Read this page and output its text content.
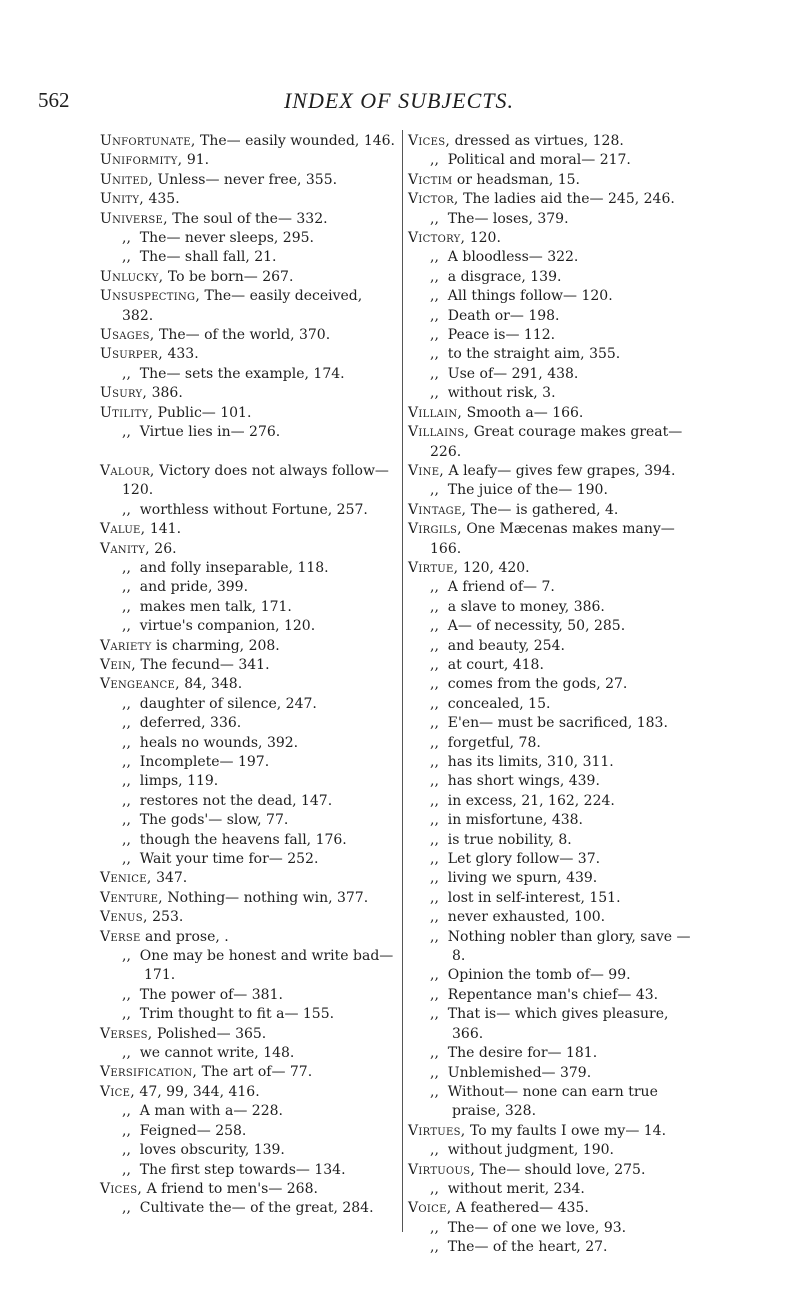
562	INDEX OF SUBJECTS.
Unfortunate, The— easily wounded, 146.
Uniformity, 91.
United, Unless— never free, 355.
Unity, 435.
Universe, The soul of the— 332.
,,  The— never sleeps, 295.
,,  The— shall fall, 21.
Unlucky, To be born— 267.
Unsuspecting, The— easily deceived, 382.
Usages, The— of the world, 370.
Usurper, 433.
,,  The— sets the example, 174.
Usury, 386.
Utility, Public— 101.
,,  Virtue lies in— 276.
Valour, Victory does not always follow— 120.
,,  worthless without Fortune, 257.
Value, 141.
Vanity, 26.
,,  and folly inseparable, 118.
,,  and pride, 399.
,,  makes men talk, 171.
,,  virtue's companion, 120.
Variety is charming, 208.
Vein, The fecund— 341.
Vengeance, 84, 348.
,,  daughter of silence, 247.
,,  deferred, 336.
,,  heals no wounds, 392.
,,  Incomplete— 197.
,,  limps, 119.
,,  restores not the dead, 147.
,,  The gods'— slow, 77.
,,  though the heavens fall, 176.
,,  Wait your time for— 252.
Venice, 347.
Venture, Nothing— nothing win, 377.
Venus, 253.
Verse and prose, .
,,  One may be honest and write bad— 171.
,,  The power of— 381.
,,  Trim thought to fit a— 155.
Verses, Polished— 365.
,,  we cannot write, 148.
Versification, The art of— 77.
Vice, 47, 99, 344, 416.
,,  A man with a— 228.
,,  Feigned— 258.
,,  loves obscurity, 139.
,,  The first step towards— 134.
Vices, A friend to men's— 268.
,,  Cultivate the— of the great, 284.
Vices, dressed as virtues, 128.
,,  Political and moral— 217.
Victim or headsman, 15.
Victor, The ladies aid the— 245, 246.
,,  The— loses, 379.
Victory, 120.
,,  A bloodless— 322.
,,  a disgrace, 139.
,,  All things follow— 120.
,,  Death or— 198.
,,  Peace is— 112.
,,  to the straight aim, 355.
,,  Use of— 291, 438.
,,  without risk, 3.
Villain, Smooth a— 166.
Villains, Great courage makes great— 226.
Vine, A leafy— gives few grapes, 394.
,,  The juice of the— 190.
Vintage, The— is gathered, 4.
Virgils, One Mæcenas makes many— 166.
Virtue, 120, 420.
,,  A friend of— 7.
,,  a slave to money, 386.
,,  A— of necessity, 50, 285.
,,  and beauty, 254.
,,  at court, 418.
,,  comes from the gods, 27.
,,  concealed, 15.
,,  E'en— must be sacrificed, 183.
,,  forgetful, 78.
,,  has its limits, 310, 311.
,,  has short wings, 439.
,,  in excess, 21, 162, 224.
,,  in misfortune, 438.
,,  is true nobility, 8.
,,  Let glory follow— 37.
,,  living we spurn, 439.
,,  lost in self-interest, 151.
,,  never exhausted, 100.
,,  Nothing nobler than glory, save — 8.
,,  Opinion the tomb of— 99.
,,  Repentance man's chief— 43.
,,  That is— which gives pleasure, 366.
,,  The desire for— 181.
,,  Unblemished— 379.
,,  Without— none can earn true praise, 328.
Virtues, To my faults I owe my— 14.
,,  without judgment, 190.
Virtuous, The— should love, 275.
,,  without merit, 234.
Voice, A feathered— 435.
,,  The— of one we love, 93.
,,  The— of the heart, 27.
